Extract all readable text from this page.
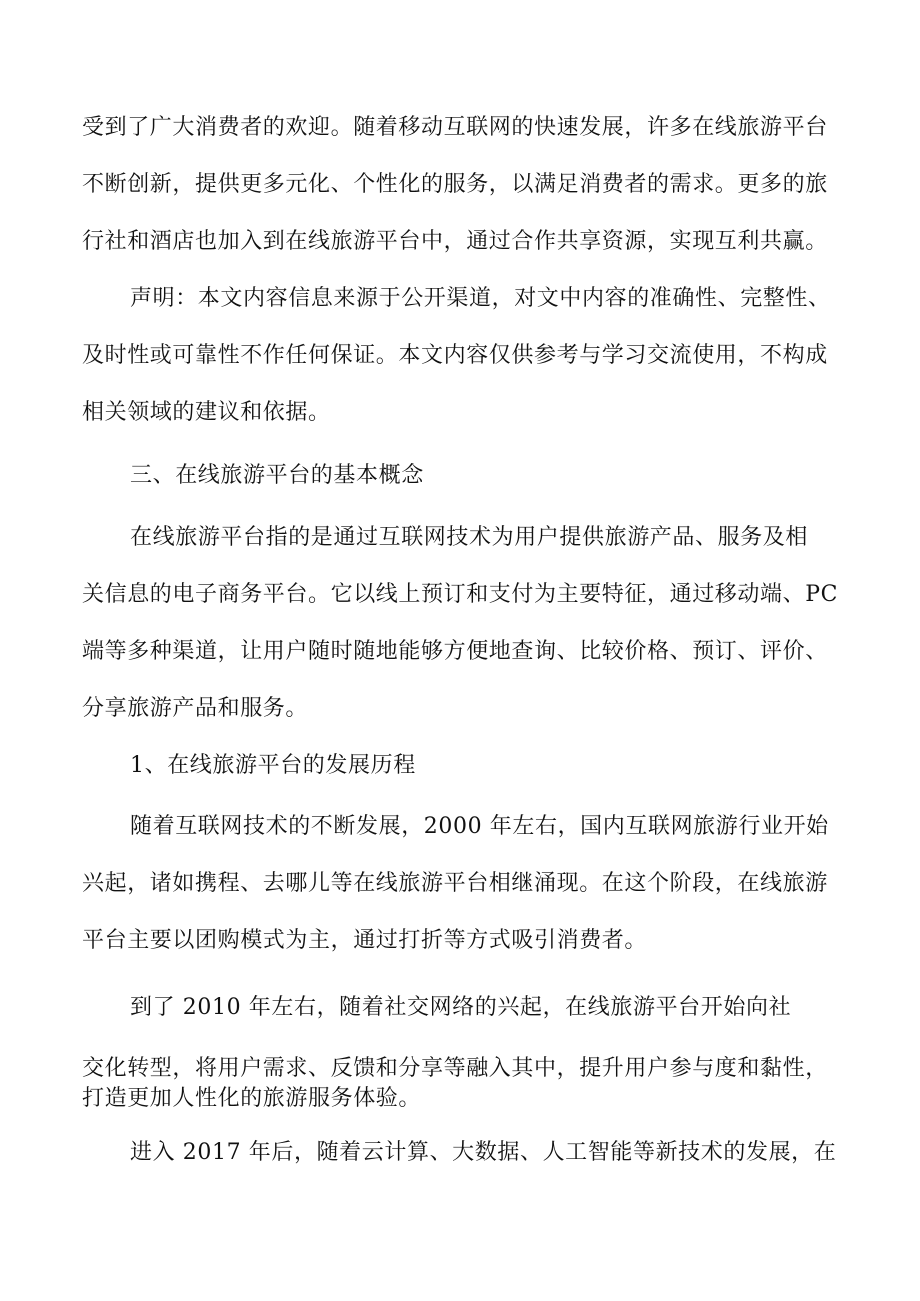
受到了广大消费者的欢迎。随着移动互联网的快速发展，许多在线旅游平台
不断创新，提供更多元化、个性化的服务，以满足消费者的需求。更多的旅
行社和酒店也加入到在线旅游平台中，通过合作共享资源，实现互利共赢。
声明：本文内容信息来源于公开渠道，对文中内容的准确性、完整性、
及时性或可靠性不作任何保证。本文内容仅供参考与学习交流使用，不构成
相关领域的建议和依据。
三、在线旅游平台的基本概念
在线旅游平台指的是通过互联网技术为用户提供旅游产品、服务及相
关信息的电子商务平台。它以线上预订和支付为主要特征，通过移动端、PC
端等多种渠道，让用户随时随地能够方便地查询、比较价格、预订、评价、
分享旅游产品和服务。
1、在线旅游平台的发展历程
随着互联网技术的不断发展，2000 年左右，国内互联网旅游行业开始
兴起，诸如携程、去哪儿等在线旅游平台相继涌现。在这个阶段，在线旅游
平台主要以团购模式为主，通过打折等方式吸引消费者。
到了 2010 年左右，随着社交网络的兴起，在线旅游平台开始向社
交化转型，将用户需求、反馈和分享等融入其中，提升用户参与度和黏性，
打造更加人性化的旅游服务体验。
进入 2017 年后，随着云计算、大数据、人工智能等新技术的发展，在
